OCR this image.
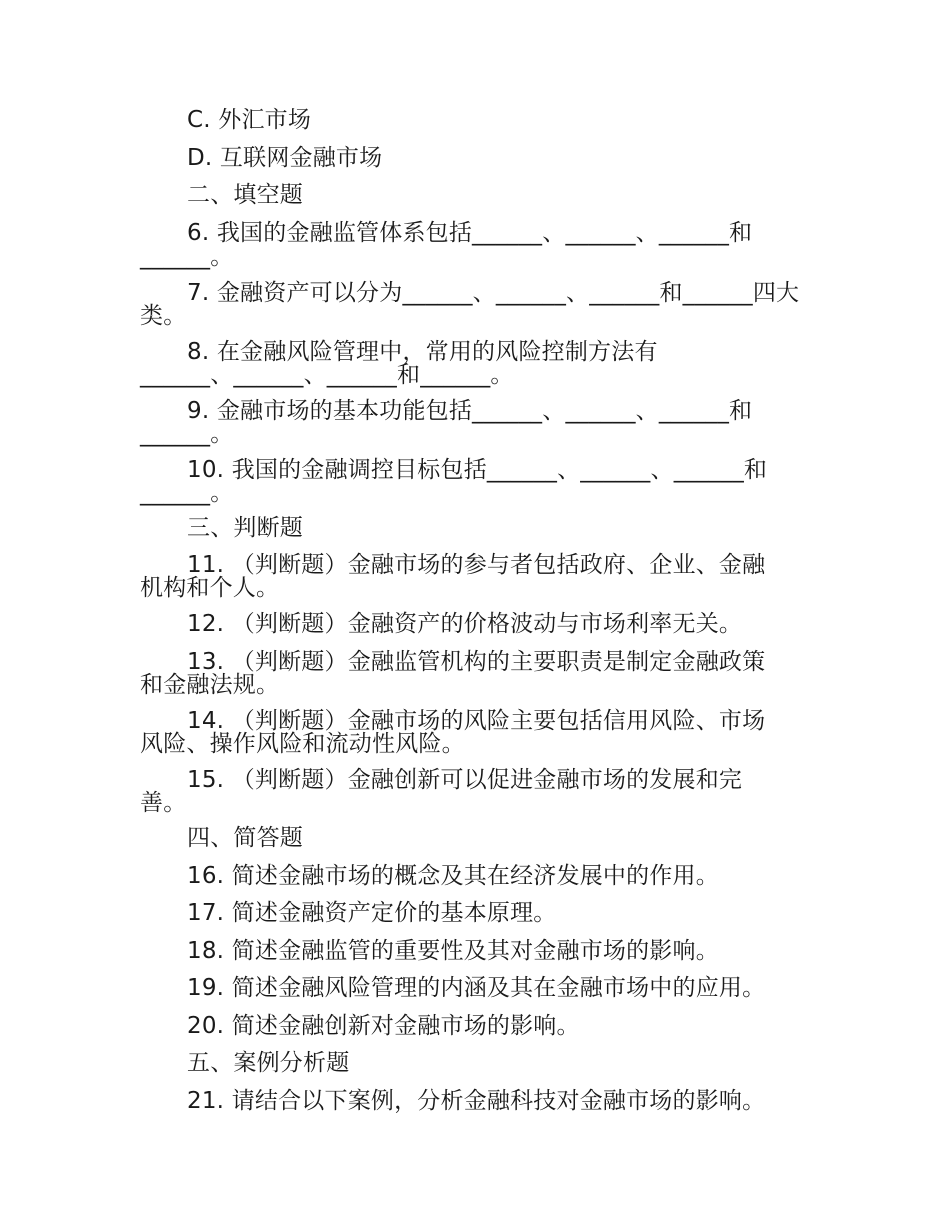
C. 外汇市场
D. 互联网金融市场
二、填空题
6. 我国的金融监管体系包括______、______、______和
______。
7. 金融资产可以分为______、______、______和______四大
类。
8. 在金融风险管理中，常用的风险控制方法有
______、______、______和______。
9. 金融市场的基本功能包括______、______、______和
______。
10. 我国的金融调控目标包括______、______、______和
______。
三、判断题
11. （判断题）金融市场的参与者包括政府、企业、金融
机构和个人。
12. （判断题）金融资产的价格波动与市场利率无关。
13. （判断题）金融监管机构的主要职责是制定金融政策
和金融法规。
14. （判断题）金融市场的风险主要包括信用风险、市场
风险、操作风险和流动性风险。
15. （判断题）金融创新可以促进金融市场的发展和完
善。
四、简答题
16. 简述金融市场的概念及其在经济发展中的作用。
17. 简述金融资产定价的基本原理。
18. 简述金融监管的重要性及其对金融市场的影响。
19. 简述金融风险管理的内涵及其在金融市场中的应用。
20. 简述金融创新对金融市场的影响。
五、案例分析题
21. 请结合以下案例，分析金融科技对金融市场的影响。
